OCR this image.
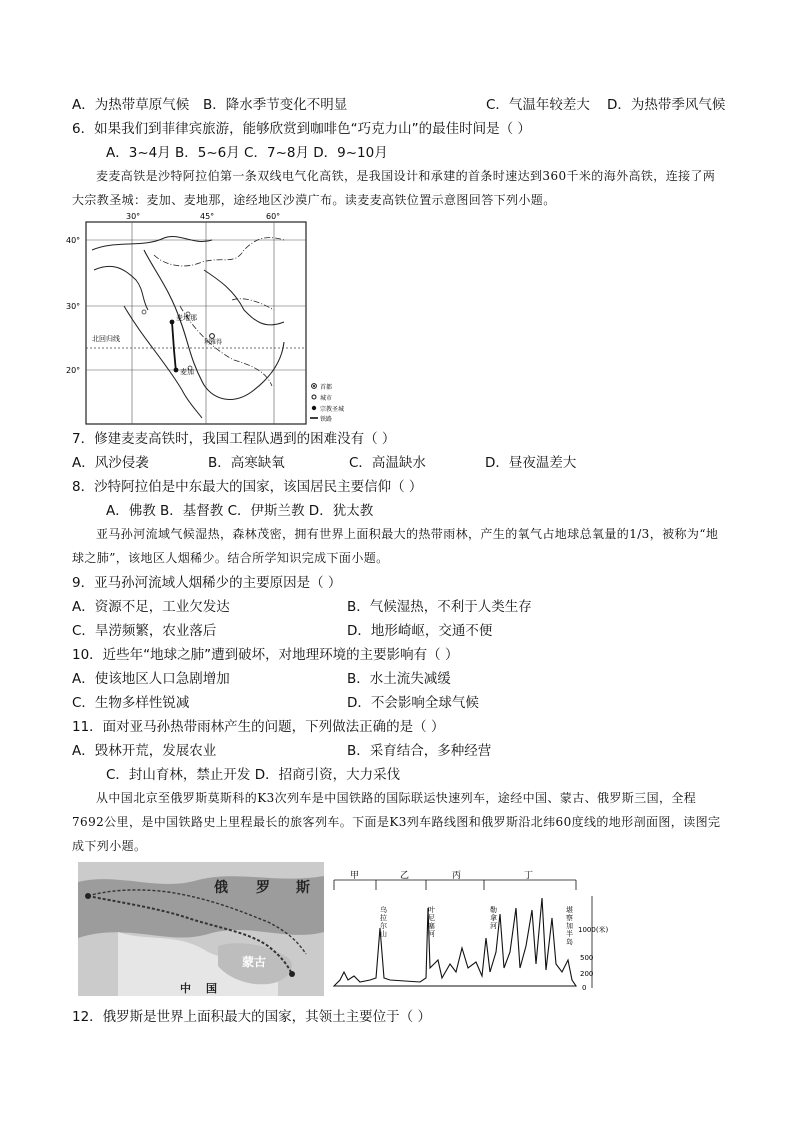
A．为热带草原气候 B．降水季节变化不明显	C．气温年较差大 D．为热带季风气候
6．如果我们到菲律宾旅游，能够欣赏到咖啡色“巧克力山”的最佳时间是（ ）
A．3~4月 B．5~6月 C．7~8月 D．9~10月
麦麦高铁是沙特阿拉伯第一条双线电气化高铁，是我国设计和承建的首条时速达到360千米的海外高铁，连接了两大宗教圣城：麦加、麦地那，途经地区沙漠广布。读麦麦高铁位置示意图回答下列小题。
30°	45°	60°
40°
30°
20°
北回归线
麦地那
利雅得
麦加
首都
城市
宗教圣城
铁路
7．修建麦麦高铁时，我国工程队遇到的困难没有（ ）
A．风沙侵袭	B．高寒缺氧	C．高温缺水	D．昼夜温差大
8．沙特阿拉伯是中东最大的国家，该国居民主要信仰（ ）
A．佛教 B．基督教 C．伊斯兰教 D．犹太教
亚马孙河流域气候湿热，森林茂密，拥有世界上面积最大的热带雨林，产生的氧气占地球总氧量的1/3，被称为“地球之肺”，该地区人烟稀少。结合所学知识完成下面小题。
9．亚马孙河流域人烟稀少的主要原因是（ ）
A．资源不足，工业欠发达	B．气候湿热，不利于人类生存
C．旱涝频繁，农业落后	D．地形崎岖，交通不便
10．近些年“地球之肺”遭到破坏，对地理环境的主要影响有（ ）
A．使该地区人口急剧增加	B．水土流失减缓
C．生物多样性锐减	D．不会影响全球气候
11．面对亚马孙热带雨林产生的问题，下列做法正确的是（ ）
A．毁林开荒，发展农业	B．采育结合，多种经营
C．封山育林，禁止开发 D．招商引资，大力采伐
从中国北京至俄罗斯莫斯科的K3次列车是中国铁路的国际联运快速列车，途经中国、蒙古、俄罗斯三国，全程7692公里，是中国铁路史上里程最长的旅客列车。下面是K3列车路线图和俄罗斯沿北纬60度线的地形剖面图，读图完成下列小题。
俄 罗 斯
蒙古
中 国
甲	乙	丙	丁
乌拉尔山
叶尼塞河
勒拿河
堪察加半岛
1000(米)
500
200
0
12．俄罗斯是世界上面积最大的国家，其领土主要位于（ ）
